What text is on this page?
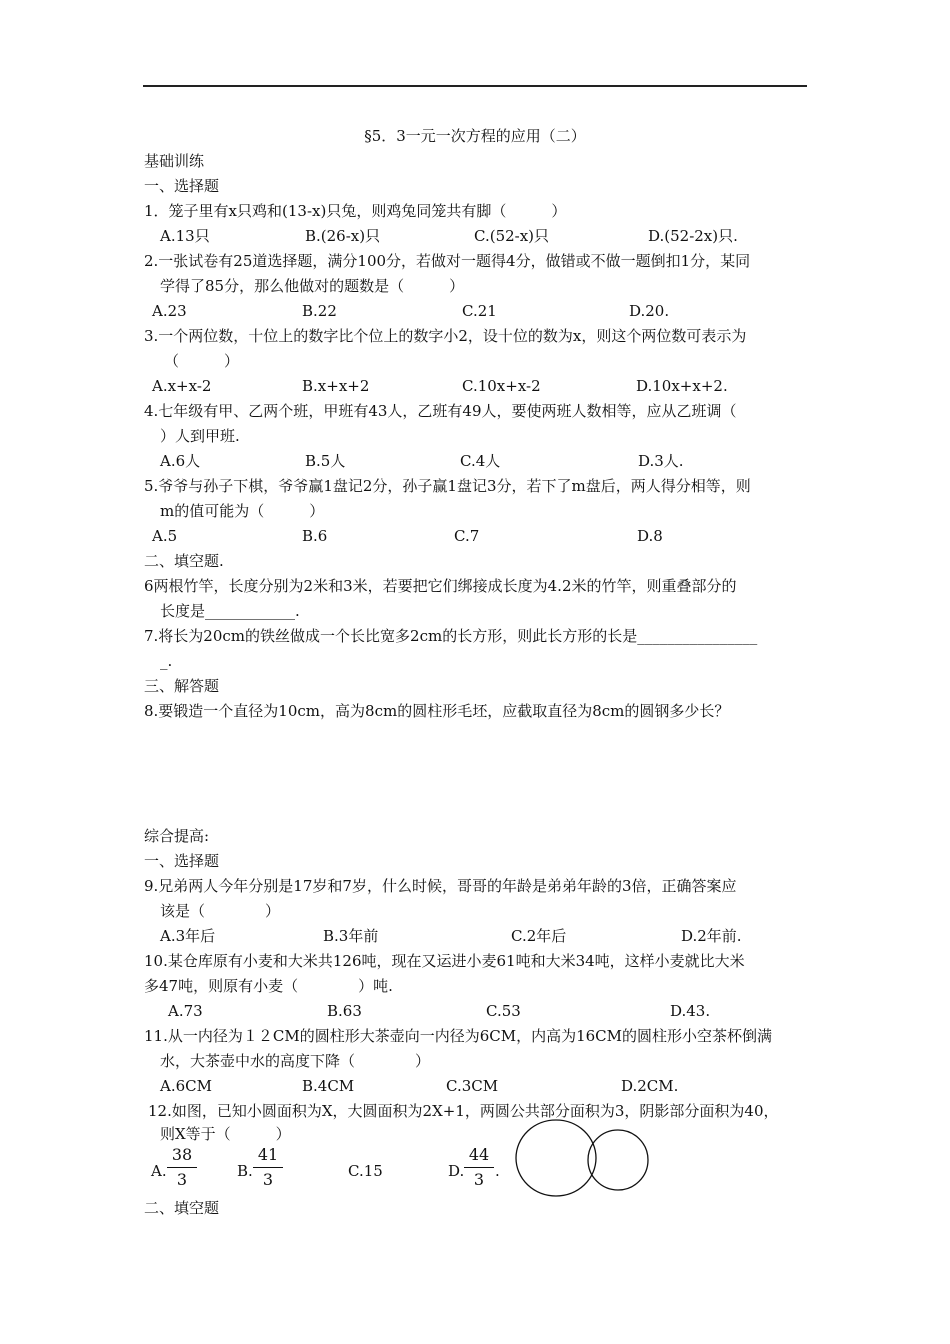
§5．3一元一次方程的应用（二）
基础训练
一、选择题
1．笼子里有x只鸡和(13-x)只兔，则鸡兔同笼共有脚（　　　）
A.13只	B.(26-x)只	C.(52-x)只	D.(52-2x)只.
2.一张试卷有25道选择题，满分100分，若做对一题得4分，做错或不做一题倒扣1分，某同
学得了85分，那么他做对的题数是（　　　）
A.23	B.22	C.21	D.20.
3.一个两位数，十位上的数字比个位上的数字小2，设十位的数为x，则这个两位数可表示为
（　　　）
A.x+x-2	B.x+x+2	C.10x+x-2	D.10x+x+2.
4.七年级有甲、乙两个班，甲班有43人，乙班有49人，要使两班人数相等，应从乙班调（
）人到甲班.
A.6人	B.5人	C.4人	D.3人.
5.爷爷与孙子下棋，爷爷赢1盘记2分，孙子赢1盘记3分，若下了m盘后，两人得分相等，则
m的值可能为（　　　）
A.5	B.6	C.7	D.8
二、填空题.
6两根竹竿，长度分别为2米和3米，若要把它们绑接成长度为4.2米的竹竿，则重叠部分的
长度是____________.
7.将长为20cm的铁丝做成一个长比宽多2cm的长方形，则此长方形的长是________________
_.
三、解答题
8.要锻造一个直径为10cm，高为8cm的圆柱形毛坯，应截取直径为8cm的圆钢多少长？
综合提高:
一、选择题
9.兄弟两人今年分别是17岁和7岁，什么时候，哥哥的年龄是弟弟年龄的3倍，正确答案应
该是（　　　　）
A.3年后	B.3年前	C.2年后	D.2年前.
10.某仓库原有小麦和大米共126吨，现在又运进小麦61吨和大米34吨，这样小麦就比大米
多47吨，则原有小麦（　　　　）吨.
A.73	B.63	C.53	D.43.
11.从一内径为１２CM的圆柱形大茶壶向一内径为6CM，内高为16CM的圆柱形小空茶杯倒满
水，大茶壶中水的高度下降（　　　　）
A.6CM	B.4CM	C.3CM	D.2CM.
12.如图，已知小圆面积为X，大圆面积为2X+1，两圆公共部分面积为3，阴影部分面积为40，
则X等于（　　　）
A. $\frac{38}{3}$	B. $\frac{41}{3}$	C.15	D. $\frac{44}{3}$ .
二、填空题
